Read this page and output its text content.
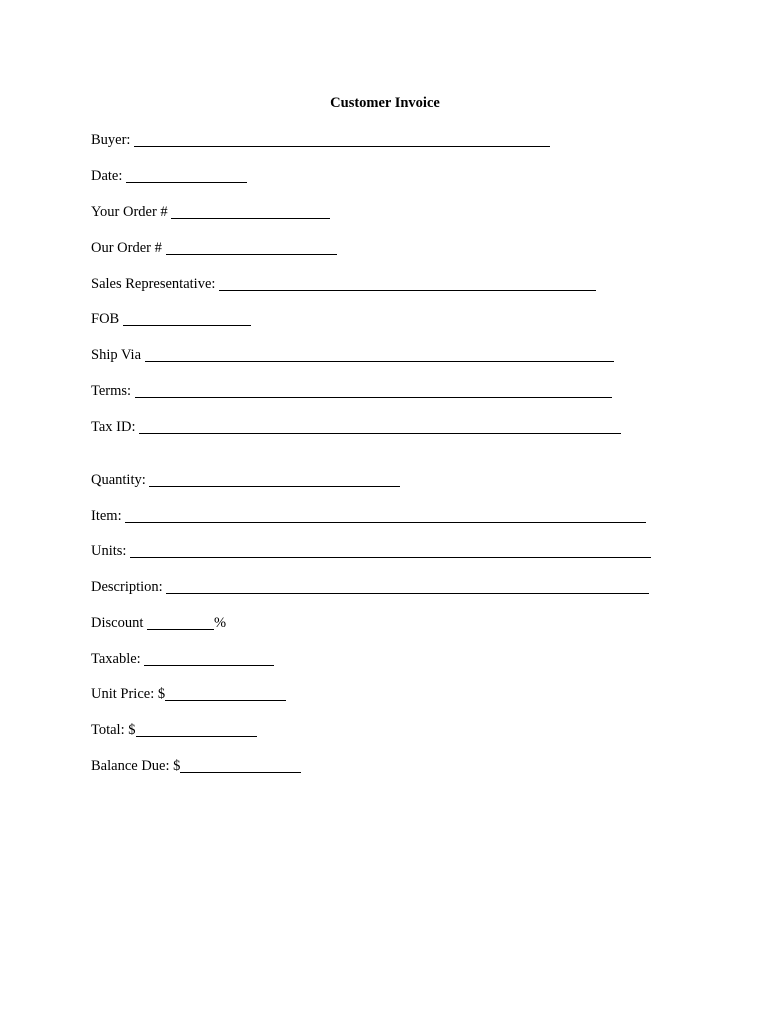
Customer Invoice
Buyer:
Date:
Your Order #
Our Order #
Sales Representative:
FOB
Ship Via
Terms:
Tax ID:
Quantity:
Item:
Units:
Description:
Discount	%
Taxable:
Unit Price: $
Total: $
Balance Due: $
